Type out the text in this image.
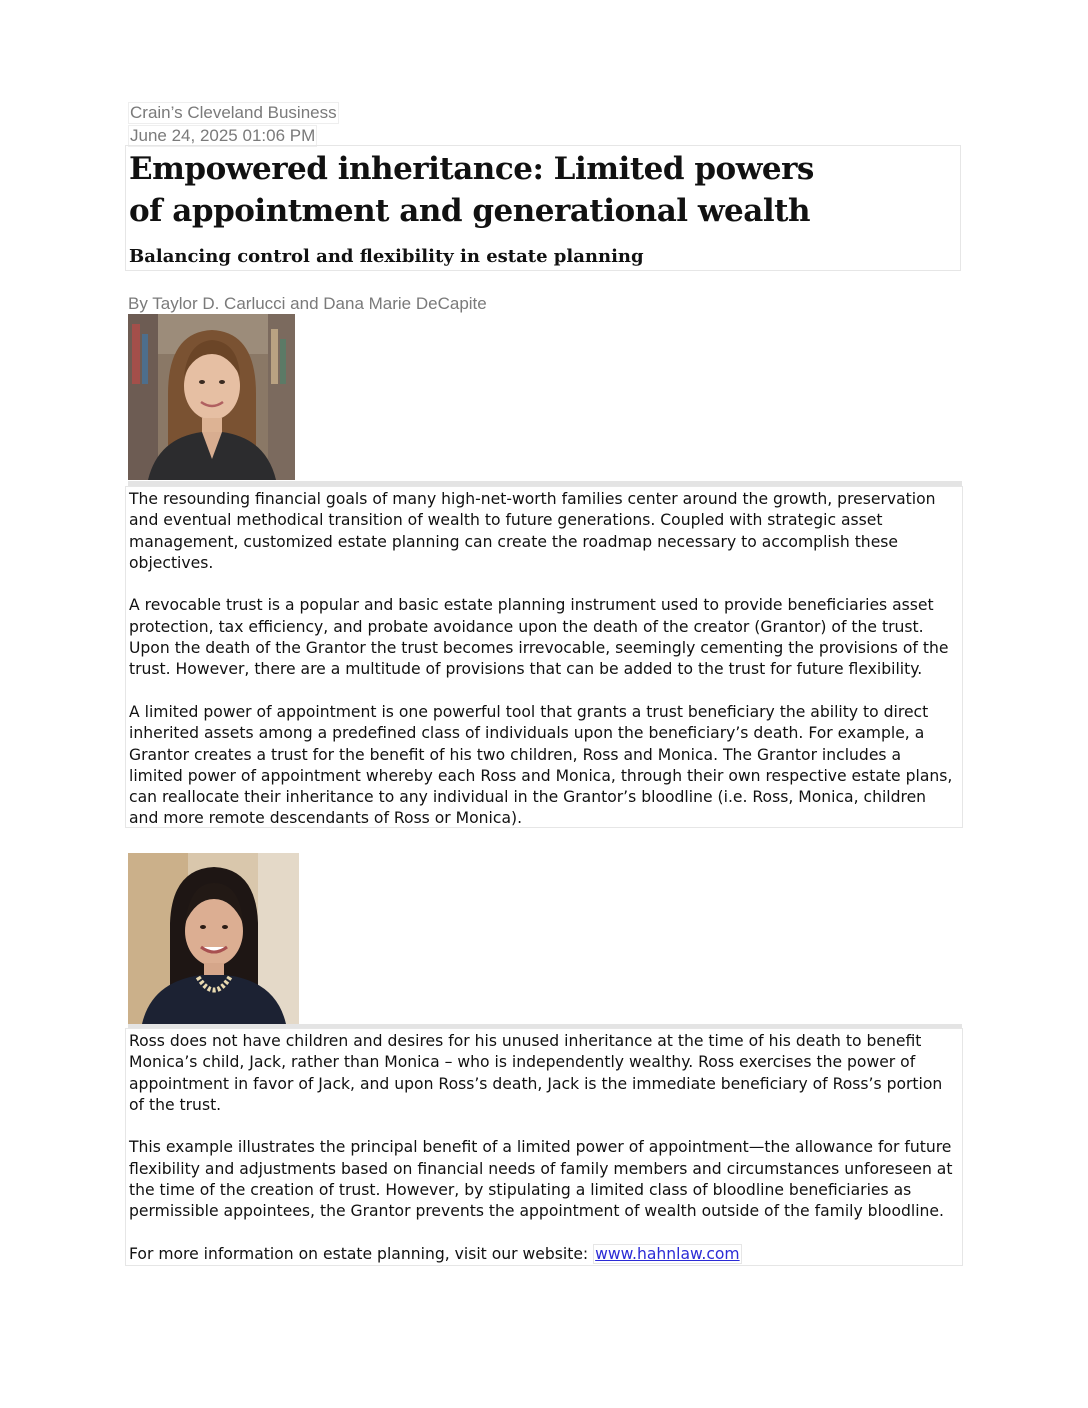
Crain’s Cleveland Business
June 24, 2025 01:06 PM
Empowered inheritance: Limited powers of appointment and generational wealth
Balancing control and flexibility in estate planning
By Taylor D. Carlucci and Dana Marie DeCapite

The resounding financial goals of many high-net-worth families center around the growth, preservation and eventual methodical transition of wealth to future generations. Coupled with strategic asset management, customized estate planning can create the roadmap necessary to accomplish these objectives.

A revocable trust is a popular and basic estate planning instrument used to provide beneficiaries asset protection, tax efficiency, and probate avoidance upon the death of the creator (Grantor) of the trust. Upon the death of the Grantor the trust becomes irrevocable, seemingly cementing the provisions of the trust. However, there are a multitude of provisions that can be added to the trust for future flexibility.

A limited power of appointment is one powerful tool that grants a trust beneficiary the ability to direct inherited assets among a predefined class of individuals upon the beneficiary’s death. For example, a Grantor creates a trust for the benefit of his two children, Ross and Monica. The Grantor includes a limited power of appointment whereby each Ross and Monica, through their own respective estate plans, can reallocate their inheritance to any individual in the Grantor’s bloodline (i.e. Ross, Monica, children and more remote descendants of Ross or Monica).

Ross does not have children and desires for his unused inheritance at the time of his death to benefit Monica’s child, Jack, rather than Monica – who is independently wealthy. Ross exercises the power of appointment in favor of Jack, and upon Ross’s death, Jack is the immediate beneficiary of Ross’s portion of the trust.

This example illustrates the principal benefit of a limited power of appointment—the allowance for future flexibility and adjustments based on financial needs of family members and circumstances unforeseen at the time of the creation of trust. However, by stipulating a limited class of bloodline beneficiaries as permissible appointees, the Grantor prevents the appointment of wealth outside of the family bloodline.

For more information on estate planning, visit our website: www.hahnlaw.com
